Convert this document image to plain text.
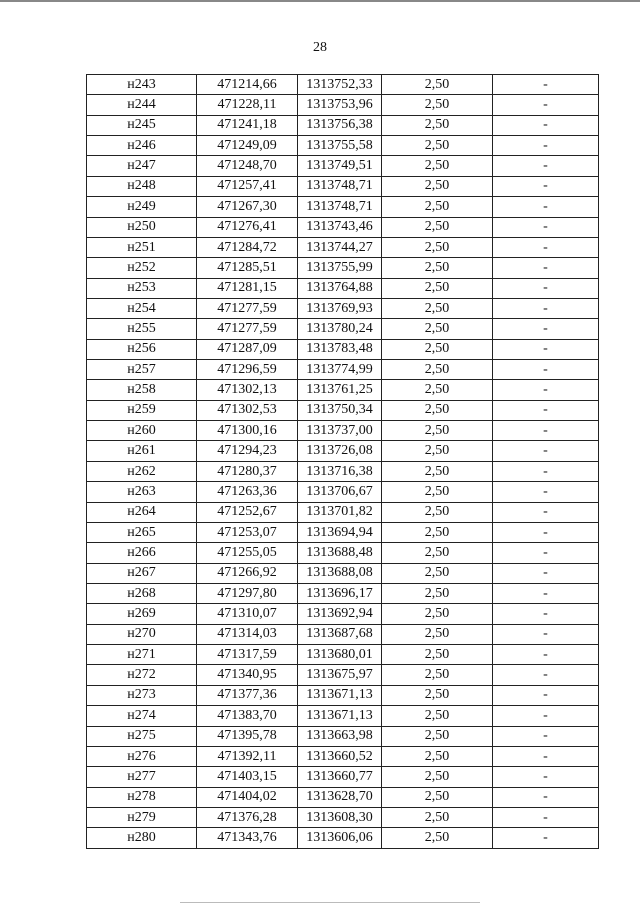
28
н243	471214,66	1313752,33	2,50	-
н244	471228,11	1313753,96	2,50	-
н245	471241,18	1313756,38	2,50	-
н246	471249,09	1313755,58	2,50	-
н247	471248,70	1313749,51	2,50	-
н248	471257,41	1313748,71	2,50	-
н249	471267,30	1313748,71	2,50	-
н250	471276,41	1313743,46	2,50	-
н251	471284,72	1313744,27	2,50	-
н252	471285,51	1313755,99	2,50	-
н253	471281,15	1313764,88	2,50	-
н254	471277,59	1313769,93	2,50	-
н255	471277,59	1313780,24	2,50	-
н256	471287,09	1313783,48	2,50	-
н257	471296,59	1313774,99	2,50	-
н258	471302,13	1313761,25	2,50	-
н259	471302,53	1313750,34	2,50	-
н260	471300,16	1313737,00	2,50	-
н261	471294,23	1313726,08	2,50	-
н262	471280,37	1313716,38	2,50	-
н263	471263,36	1313706,67	2,50	-
н264	471252,67	1313701,82	2,50	-
н265	471253,07	1313694,94	2,50	-
н266	471255,05	1313688,48	2,50	-
н267	471266,92	1313688,08	2,50	-
н268	471297,80	1313696,17	2,50	-
н269	471310,07	1313692,94	2,50	-
н270	471314,03	1313687,68	2,50	-
н271	471317,59	1313680,01	2,50	-
н272	471340,95	1313675,97	2,50	-
н273	471377,36	1313671,13	2,50	-
н274	471383,70	1313671,13	2,50	-
н275	471395,78	1313663,98	2,50	-
н276	471392,11	1313660,52	2,50	-
н277	471403,15	1313660,77	2,50	-
н278	471404,02	1313628,70	2,50	-
н279	471376,28	1313608,30	2,50	-
н280	471343,76	1313606,06	2,50	-
